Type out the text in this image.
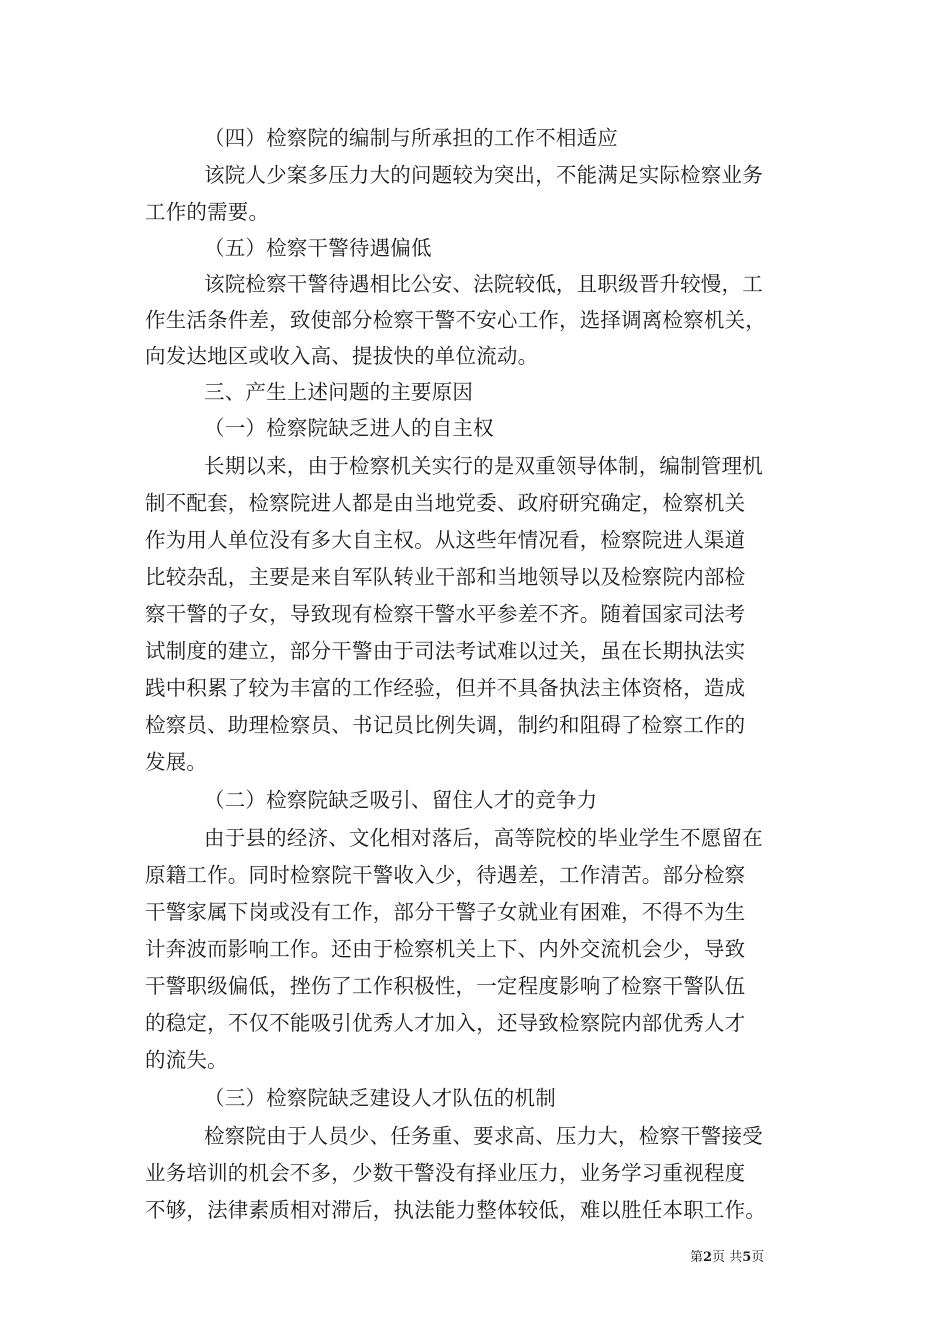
（四）检察院的编制与所承担的工作不相适应
该院人少案多压力大的问题较为突出，不能满足实际检察业务
工作的需要。
（五）检察干警待遇偏低
该院检察干警待遇相比公安、法院较低，且职级晋升较慢，工
作生活条件差，致使部分检察干警不安心工作，选择调离检察机关，
向发达地区或收入高、提拔快的单位流动。
三、产生上述问题的主要原因
（一）检察院缺乏进人的自主权
长期以来，由于检察机关实行的是双重领导体制，编制管理机
制不配套，检察院进人都是由当地党委、政府研究确定，检察机关
作为用人单位没有多大自主权。从这些年情况看，检察院进人渠道
比较杂乱，主要是来自军队转业干部和当地领导以及检察院内部检
察干警的子女，导致现有检察干警水平参差不齐。随着国家司法考
试制度的建立，部分干警由于司法考试难以过关，虽在长期执法实
践中积累了较为丰富的工作经验，但并不具备执法主体资格，造成
检察员、助理检察员、书记员比例失调，制约和阻碍了检察工作的
发展。
（二）检察院缺乏吸引、留住人才的竞争力
由于县的经济、文化相对落后，高等院校的毕业学生不愿留在
原籍工作。同时检察院干警收入少，待遇差，工作清苦。部分检察
干警家属下岗或没有工作，部分干警子女就业有困难，不得不为生
计奔波而影响工作。还由于检察机关上下、内外交流机会少，导致
干警职级偏低，挫伤了工作积极性，一定程度影响了检察干警队伍
的稳定，不仅不能吸引优秀人才加入，还导致检察院内部优秀人才
的流失。
（三）检察院缺乏建设人才队伍的机制
检察院由于人员少、任务重、要求高、压力大，检察干警接受
业务培训的机会不多，少数干警没有择业压力，业务学习重视程度
不够，法律素质相对滞后，执法能力整体较低，难以胜任本职工作。
第2页 共5页
